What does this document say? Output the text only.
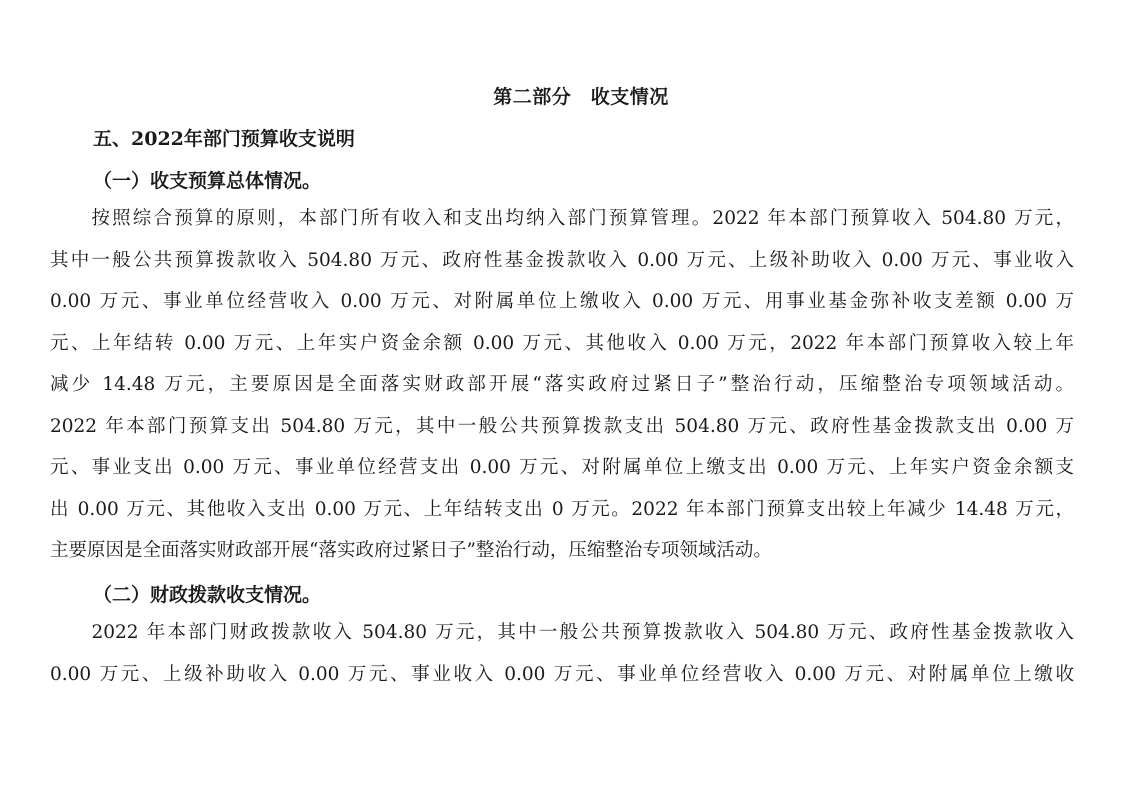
第二部分　收支情况
五、2022年部门预算收支说明
（一）收支预算总体情况。
　　按照综合预算的原则，本部门所有收入和支出均纳入部门预算管理。2022 年本部门预算收入 504.80 万元，
其中一般公共预算拨款收入 504.80 万元、政府性基金拨款收入 0.00 万元、上级补助收入 0.00 万元、事业收入
0.00 万元、事业单位经营收入 0.00 万元、对附属单位上缴收入 0.00 万元、用事业基金弥补收支差额 0.00 万
元、上年结转 0.00 万元、上年实户资金余额 0.00 万元、其他收入 0.00 万元，2022 年本部门预算收入较上年
减少 14.48 万元，主要原因是全面落实财政部开展“落实政府过紧日子”整治行动，压缩整治专项领域活动。
2022 年本部门预算支出 504.80 万元，其中一般公共预算拨款支出 504.80 万元、政府性基金拨款支出 0.00 万
元、事业支出 0.00 万元、事业单位经营支出 0.00 万元、对附属单位上缴支出 0.00 万元、上年实户资金余额支
出 0.00 万元、其他收入支出 0.00 万元、上年结转支出 0 万元。2022 年本部门预算支出较上年减少 14.48 万元，
主要原因是全面落实财政部开展“落实政府过紧日子”整治行动，压缩整治专项领域活动。
（二）财政拨款收支情况。
　　2022 年本部门财政拨款收入 504.80 万元，其中一般公共预算拨款收入 504.80 万元、政府性基金拨款收入
0.00 万元、上级补助收入 0.00 万元、事业收入 0.00 万元、事业单位经营收入 0.00 万元、对附属单位上缴收
